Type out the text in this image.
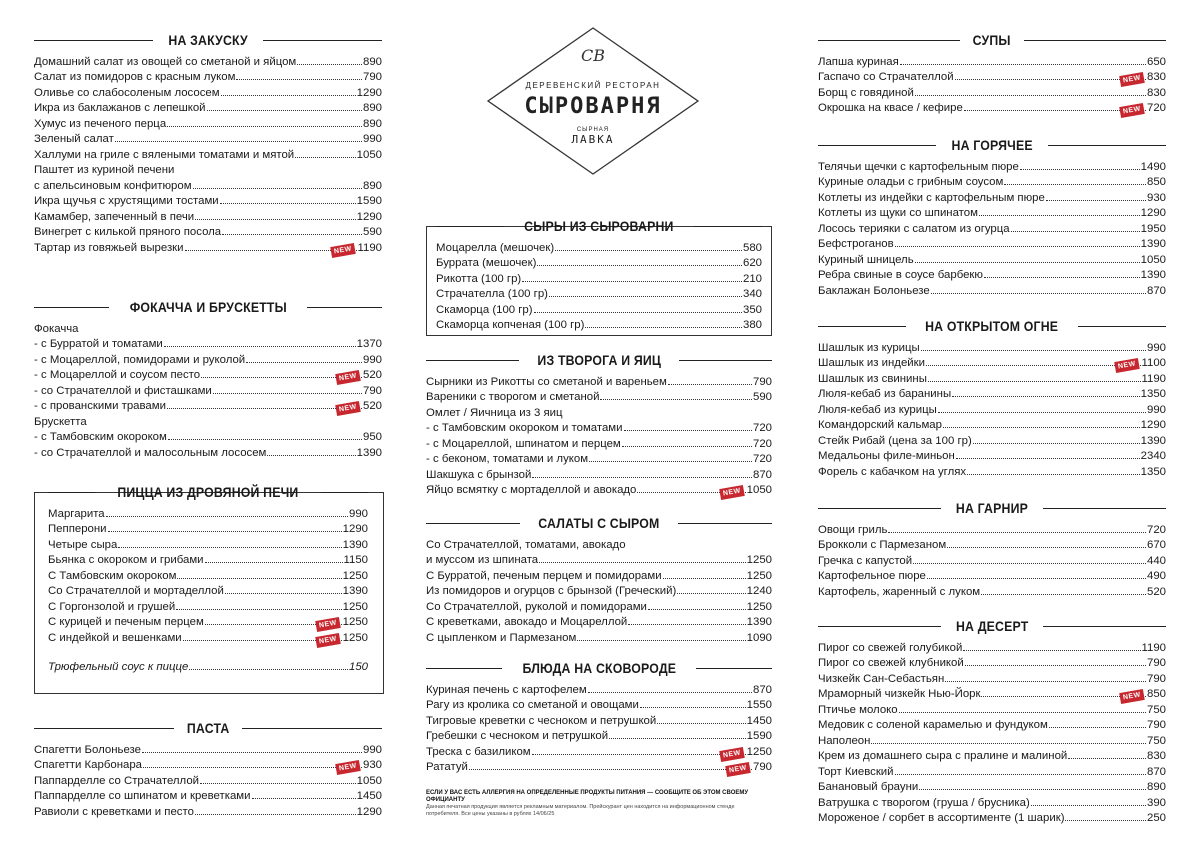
НА ЗАКУСКУ
Домашний салат из овощей со сметаной и яйцом	890
Салат из помидоров с красным луком	790
Оливье со слабосоленым лососем	1290
Икра из баклажанов с лепешкой	890
Хумус из печеного перца	890
Зеленый салат	990
Халлуми на гриле с вялеными томатами и мятой	1050
Паштет из куриной печени
с апельсиновым конфитюром	890
Икра щучья с хрустящими тостами	1590
Камамбер, запеченный в печи	1290
Винегрет с килькой пряного посола	590
Тартар из говяжьей вырезки	NEW 1190
ФОКАЧЧА И БРУСКЕТТЫ
Фокачча
- с Бурратой и томатами	1370
- с Моцареллой, помидорами и руколой	990
- с Моцареллой и соусом песто	NEW 520
- со Страчателлой и фисташками	790
- с прованскими травами	NEW 520
Брускетта
- с Тамбовским окороком	950
- со Страчателлой и малосольным лососем	1390
ПИЦЦА ИЗ ДРОВЯНОЙ ПЕЧИ
Маргарита	990
Пепперони	1290
Четыре сыра	1390
Бьянка с окороком и грибами	1150
С Тамбовским окороком	1250
Со Страчателлой и мортаделлой	1390
С Горгонзолой и грушей	1250
С курицей и печеным перцем	NEW 1250
С индейкой и вешенками	NEW 1250
Трюфельный соус к пицце	150
ПАСТА
Спагетти Болоньезе	990
Спагетти Карбонара	NEW 930
Паппарделле со Страчателлой	1050
Паппарделле со шпинатом и креветками	1450
Равиоли с креветками и песто	1290
СВ
ДЕРЕВЕНСКИЙ РЕСТОРАН
СЫРОВАРНЯ
СЫРНАЯ
ЛАВКА
СЫРЫ ИЗ СЫРОВАРНИ
Моцарелла (мешочек)	580
Буррата (мешочек)	620
Рикотта (100 гр)	210
Страчателла (100 гр)	340
Скаморца (100 гр)	350
Скаморца копченая (100 гр)	380
ИЗ ТВОРОГА И ЯИЦ
Сырники из Рикотты со сметаной и вареньем	790
Вареники с творогом и сметаной	590
Омлет / Яичница из 3 яиц
- с Тамбовским окороком и томатами	720
- с Моцареллой, шпинатом и перцем	720
- с беконом, томатами и луком	720
Шакшука с брынзой	870
Яйцо всмятку с мортаделлой и авокадо	NEW 1050
САЛАТЫ С СЫРОМ
Со Страчателлой, томатами, авокадо
и муссом из шпината	1250
С Бурратой, печеным перцем и помидорами	1250
Из помидоров и огурцов с брынзой (Греческий)	1240
Со Страчателлой, руколой и помидорами	1250
С креветками, авокадо и Моцареллой	1390
С цыпленком и Пармезаном	1090
БЛЮДА НА СКОВОРОДЕ
Куриная печень с картофелем	870
Рагу из кролика со сметаной и овощами	1550
Тигровые креветки с чесноком и петрушкой	1450
Гребешки с чесноком и петрушкой	1590
Треска с базиликом	NEW 1250
Рататуй	NEW 790
ЕСЛИ У ВАС ЕСТЬ АЛЛЕРГИЯ НА ОПРЕДЕЛЕННЫЕ ПРОДУКТЫ ПИТАНИЯ — СООБЩИТЕ ОБ ЭТОМ СВОЕМУ ОФИЦИАНТУ
Данная печатная продукция является рекламным материалом. Прейскурант цен находится на информационном стенде
потребителя. Все цены указаны в рублях 14/06/25
СУПЫ
Лапша куриная	650
Гаспачо со Страчателлой	NEW 830
Борщ с говядиной	830
Окрошка на квасе / кефире	NEW 720
НА ГОРЯЧЕЕ
Телячьи щечки с картофельным пюре	1490
Куриные оладьи с грибным соусом	850
Котлеты из индейки с картофельным пюре	930
Котлеты из щуки со шпинатом	1290
Лосось терияки с салатом из огурца	1950
Бефстроганов	1390
Куриный шницель	1050
Ребра свиные в соусе барбекю	1390
Баклажан Болоньезе	870
НА ОТКРЫТОМ ОГНЕ
Шашлык из курицы	990
Шашлык из индейки	NEW 1100
Шашлык из свинины	1190
Люля-кебаб из баранины	1350
Люля-кебаб из курицы	990
Командорский кальмар	1290
Стейк Рибай (цена за 100 гр)	1390
Медальоны филе-миньон	2340
Форель с кабачком на углях	1350
НА ГАРНИР
Овощи гриль	720
Брокколи с Пармезаном	670
Гречка с капустой	440
Картофельное пюре	490
Картофель, жаренный с луком	520
НА ДЕСЕРТ
Пирог со свежей голубикой	1190
Пирог со свежей клубникой	790
Чизкейк Сан-Себастьян	790
Мраморный чизкейк Нью-Йорк	NEW 850
Птичье молоко	750
Медовик с соленой карамелью и фундуком	790
Наполеон	750
Крем из домашнего сыра с пралине и малиной	830
Торт Киевский	870
Банановый брауни	890
Ватрушка с творогом (груша / брусника)	390
Мороженое / сорбет в ассортименте (1 шарик)	250
